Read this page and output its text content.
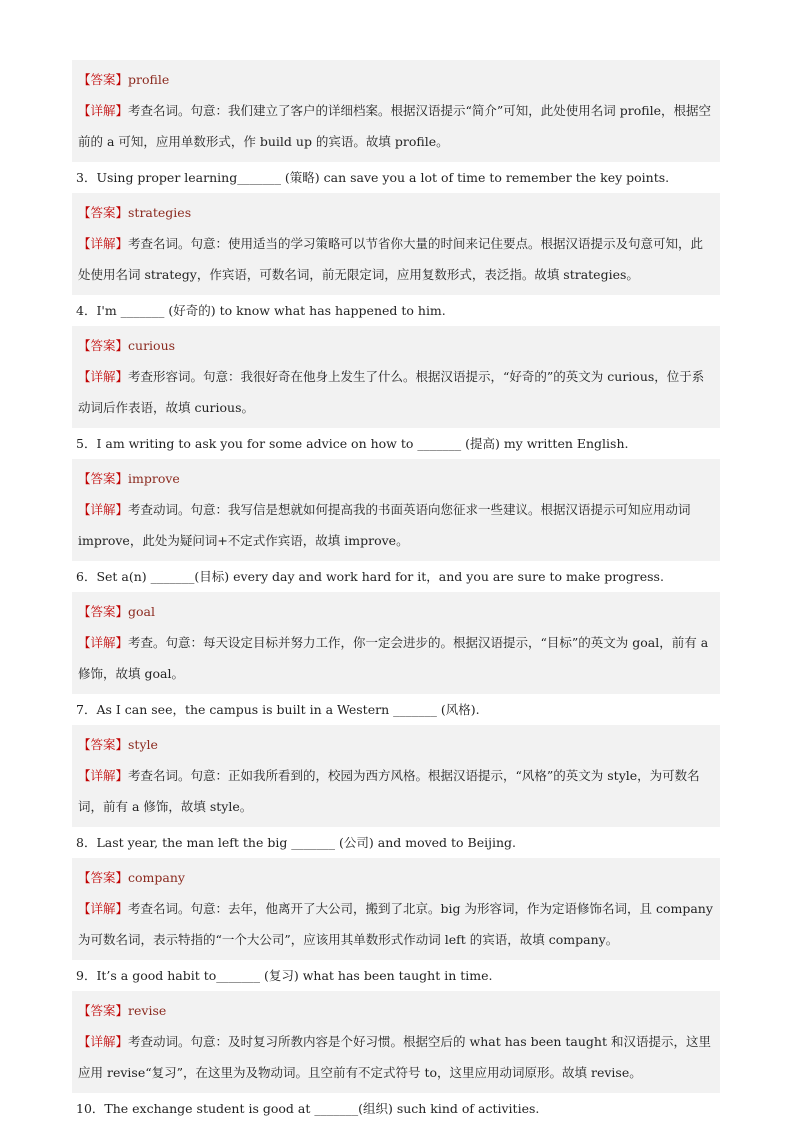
【答案】profile
【详解】考查名词。句意：我们建立了客户的详细档案。根据汉语提示“简介”可知，此处使用名词 profile，根据空前的 a 可知，应用单数形式，作 build up 的宾语。故填 profile。
3．Using proper learning_______ (策略) can save you a lot of time to remember the key points.
【答案】strategies
【详解】考查名词。句意：使用适当的学习策略可以节省你大量的时间来记住要点。根据汉语提示及句意可知，此处使用名词 strategy，作宾语，可数名词，前无限定词，应用复数形式，表泛指。故填 strategies。
4．I'm _______ (好奇的) to know what has happened to him.
【答案】curious
【详解】考查形容词。句意：我很好奇在他身上发生了什么。根据汉语提示，“好奇的”的英文为 curious，位于系动词后作表语，故填 curious。
5．I am writing to ask you for some advice on how to _______ (提高) my written English.
【答案】improve
【详解】考查动词。句意：我写信是想就如何提高我的书面英语向您征求一些建议。根据汉语提示可知应用动词 improve，此处为疑问词+不定式作宾语，故填 improve。
6．Set a(n) _______(目标) every day and work hard for it，and you are sure to make progress.
【答案】goal
【详解】考查。句意：每天设定目标并努力工作，你一定会进步的。根据汉语提示，“目标”的英文为 goal，前有 a 修饰，故填 goal。
7．As I can see，the campus is built in a Western _______ (风格).
【答案】style
【详解】考查名词。句意：正如我所看到的，校园为西方风格。根据汉语提示，“风格”的英文为 style，为可数名词，前有 a 修饰，故填 style。
8．Last year, the man left the big _______ (公司) and moved to Beijing.
【答案】company
【详解】考查名词。句意：去年，他离开了大公司，搬到了北京。big 为形容词，作为定语修饰名词，且 company 为可数名词，表示特指的“一个大公司”，应该用其单数形式作动词 left 的宾语，故填 company。
9．It’s a good habit to_______ (复习) what has been taught in time.
【答案】revise
【详解】考查动词。句意：及时复习所教内容是个好习惯。根据空后的 what has been taught 和汉语提示，这里应用 revise“复习”，在这里为及物动词。且空前有不定式符号 to，这里应用动词原形。故填 revise。
10．The exchange student is good at _______(组织) such kind of activities.
